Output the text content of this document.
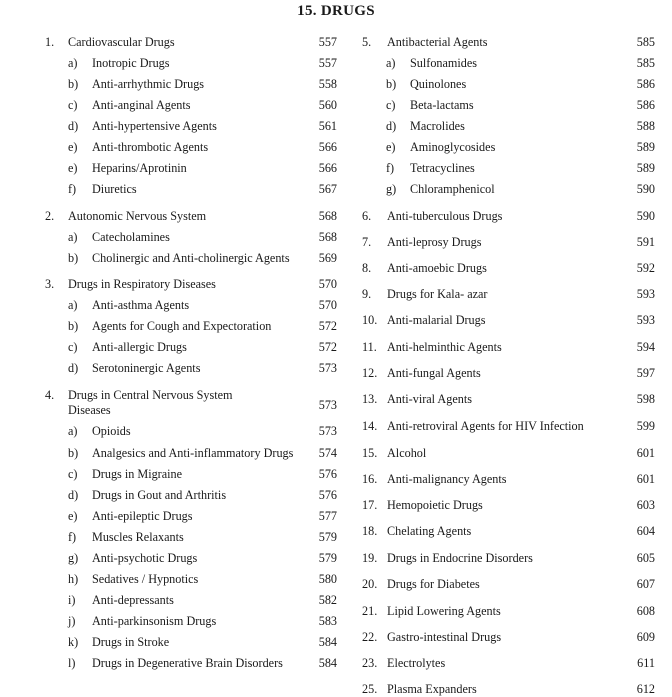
15. DRUGS
1. Cardiovascular Drugs	557
a) Inotropic Drugs	557
b) Anti-arrhythmic Drugs	558
c) Anti-anginal Agents	560
d) Anti-hypertensive Agents	561
e) Anti-thrombotic Agents	566
e) Heparins/Aprotinin	566
f) Diuretics	567
2. Autonomic Nervous System	568
a) Catecholamines	568
b) Cholinergic and Anti-cholinergic Agents	569
3. Drugs in Respiratory Diseases	570
a) Anti-asthma Agents	570
b) Agents for Cough and Expectoration	572
c) Anti-allergic Drugs	572
d) Serotoninergic Agents	573
4. Drugs in Central Nervous System
Diseases	573
a) Opioids	573
b) Analgesics and Anti-inflammatory Drugs	574
c) Drugs in Migraine	576
d) Drugs in Gout and Arthritis	576
e) Anti-epileptic Drugs	577
f) Muscles Relaxants	579
g) Anti-psychotic Drugs	579
h) Sedatives / Hypnotics	580
i) Anti-depressants	582
j) Anti-parkinsonism Drugs	583
k) Drugs in Stroke	584
l) Drugs in Degenerative Brain Disorders	584
5. Antibacterial Agents	585
a) Sulfonamides	585
b) Quinolones	586
c) Beta-lactams	586
d) Macrolides	588
e) Aminoglycosides	589
f) Tetracyclines	589
g) Chloramphenicol	590
6. Anti-tuberculous Drugs	590
7. Anti-leprosy Drugs	591
8. Anti-amoebic Drugs	592
9. Drugs for Kala- azar	593
10. Anti-malarial Drugs	593
11. Anti-helminthic Agents	594
12. Anti-fungal Agents	597
13. Anti-viral Agents	598
14. Anti-retroviral Agents for HIV Infection	599
15. Alcohol	601
16. Anti-malignancy Agents	601
17. Hemopoietic Drugs	603
18. Chelating Agents	604
19. Drugs in Endocrine Disorders	605
20. Drugs for Diabetes	607
21. Lipid Lowering Agents	608
22. Gastro-intestinal Drugs	609
23. Electrolytes	611
25. Plasma Expanders	612
